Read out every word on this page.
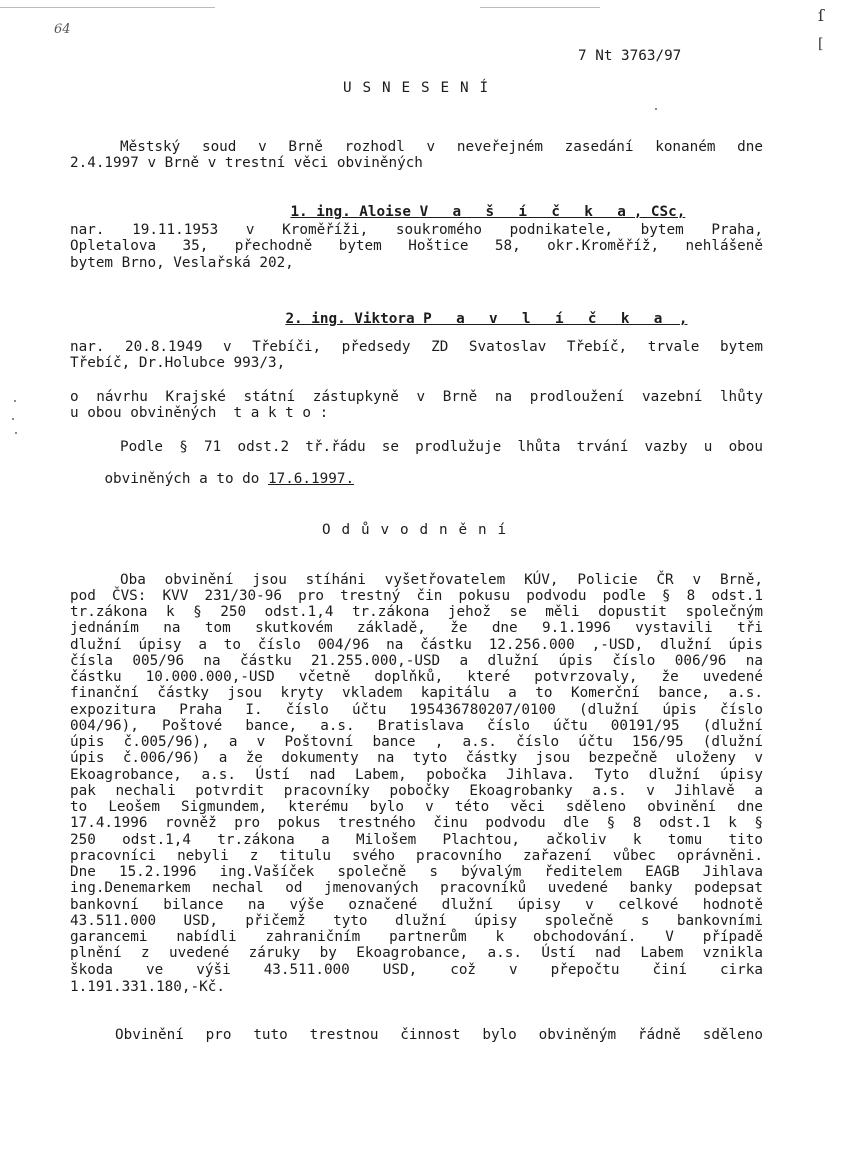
64
ſ
[
7 Nt 3763/97
U S N E S E N Í
Městský soud v Brně rozhodl v neveřejném zasedání konaném dne
2.4.1997 v Brně v trestní věci obviněných

1. ing. Aloise V a š í č k a, CSc,

nar. 19.11.1953 v Kroměříži, soukromého podnikatele, bytem Praha,
Opletalova 35, přechodně bytem Hoštice 58, okr.Kroměříž, nehlášeně
bytem Brno, Veslařská 202,

2. ing. Viktora P a v l í č k a ,

nar. 20.8.1949 v Třebíči, předsedy ZD Svatoslav Třebíč, trvale bytem
Třebíč, Dr.Holubce 993/3,
o návrhu Krajské státní zástupkyně v Brně na prodloužení vazební lhůty
u obou obviněných  t a k t o :
Podle § 71 odst.2 tř.řádu se prodlužuje lhůta trvání vazby u obou

obviněných a to do 17.6.1997.

O d ů v o d n ě n í
Oba obvinění jsou stíháni vyšetřovatelem KÚV, Policie ČR v Brně,
pod ČVS: KVV 231/30-96 pro trestný čin pokusu podvodu podle § 8 odst.1
tr.zákona k § 250 odst.1,4 tr.zákona jehož se měli dopustit společným
jednáním na tom skutkovém základě, že dne 9.1.1996 vystavili tři
dlužní úpisy a to číslo 004/96 na částku 12.256.000 ,-USD, dlužní úpis
čísla 005/96 na částku 21.255.000,-USD a dlužní úpis číslo 006/96 na
částku 10.000.000,-USD včetně doplňků, které potvrzovaly, že uvedené
finanční částky jsou kryty vkladem kapitálu a to Komerční bance, a.s.
expozitura Praha I. číslo účtu 195436780207/0100 (dlužní úpis číslo
004/96), Poštové bance, a.s. Bratislava číslo účtu 00191/95 (dlužní
úpis č.005/96), a v Poštovní bance , a.s. číslo účtu 156/95 (dlužní
úpis č.006/96) a že dokumenty na tyto částky jsou bezpečně uloženy v
Ekoagrobance, a.s. Ústí nad Labem, pobočka Jihlava. Tyto dlužní úpisy
pak nechali potvrdit pracovníky pobočky Ekoagrobanky a.s. v Jihlavě a
to Leošem Sigmundem, kterému bylo v této věci sděleno obvinění dne
17.4.1996 rovněž pro pokus trestného činu podvodu dle § 8 odst.1 k §
250 odst.1,4 tr.zákona a Milošem Plachtou, ačkoliv k tomu tito
pracovníci nebyli z titulu svého pracovního zařazení vůbec oprávněni.
Dne 15.2.1996 ing.Vašíček společně s bývalým ředitelem EAGB Jihlava
ing.Denemarkem nechal od jmenovaných pracovníků uvedené banky podepsat
bankovní bilance na výše označené dlužní úpisy v celkové hodnotě
43.511.000 USD, přičemž tyto dlužní úpisy společně s bankovními
garancemi nabídli zahraničním partnerům k obchodování. V případě
plnění z uvedené záruky by Ekoagrobance, a.s. Ústí nad Labem vznikla
škoda ve výši 43.511.000 USD, což v přepočtu činí cirka
1.191.331.180,-Kč.
Obvinění pro tuto trestnou činnost bylo obviněným řádně sděleno
